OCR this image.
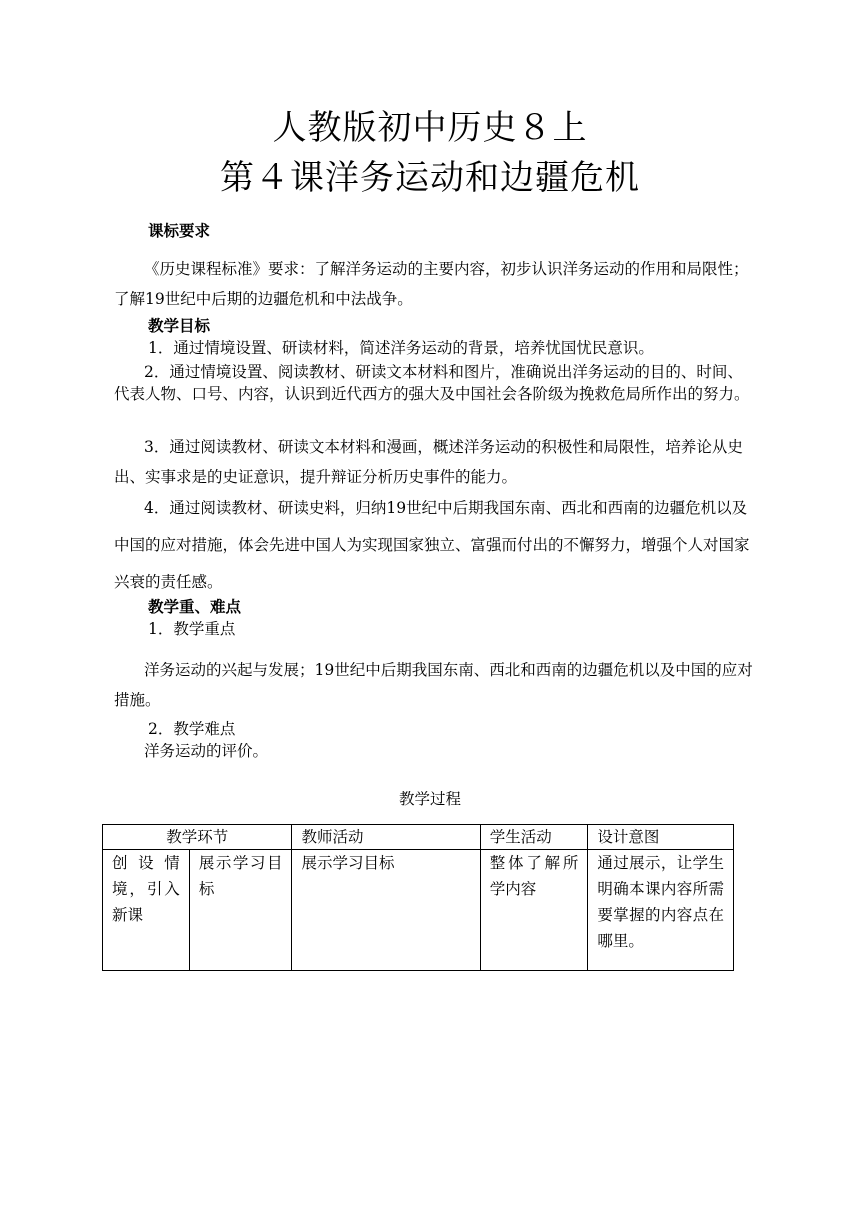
人教版初中历史８上
第４课洋务运动和边疆危机
课标要求
《历史课程标准》要求：了解洋务运动的主要内容，初步认识洋务运动的作用和局限性；了解19世纪中后期的边疆危机和中法战争。
教学目标
1．通过情境设置、研读材料，简述洋务运动的背景，培养忧国忧民意识。
2．通过情境设置、阅读教材、研读文本材料和图片，准确说出洋务运动的目的、时间、代表人物、口号、内容，认识到近代西方的强大及中国社会各阶级为挽救危局所作出的努力。
3．通过阅读教材、研读文本材料和漫画，概述洋务运动的积极性和局限性，培养论从史出、实事求是的史证意识，提升辩证分析历史事件的能力。
4．通过阅读教材、研读史料，归纳19世纪中后期我国东南、西北和西南的边疆危机以及中国的应对措施，体会先进中国人为实现国家独立、富强而付出的不懈努力，增强个人对国家兴衰的责任感。
教学重、难点
1．教学重点
洋务运动的兴起与发展；19世纪中后期我国东南、西北和西南的边疆危机以及中国的应对措施。
2．教学难点
洋务运动的评价。
教学过程
教学环节		教师活动	学生活动	设计意图
创设情境，引入新课	展示学习目标	展示学习目标	整体了解所学内容	通过展示，让学生明确本课内容所需要掌握的内容点在哪里。
